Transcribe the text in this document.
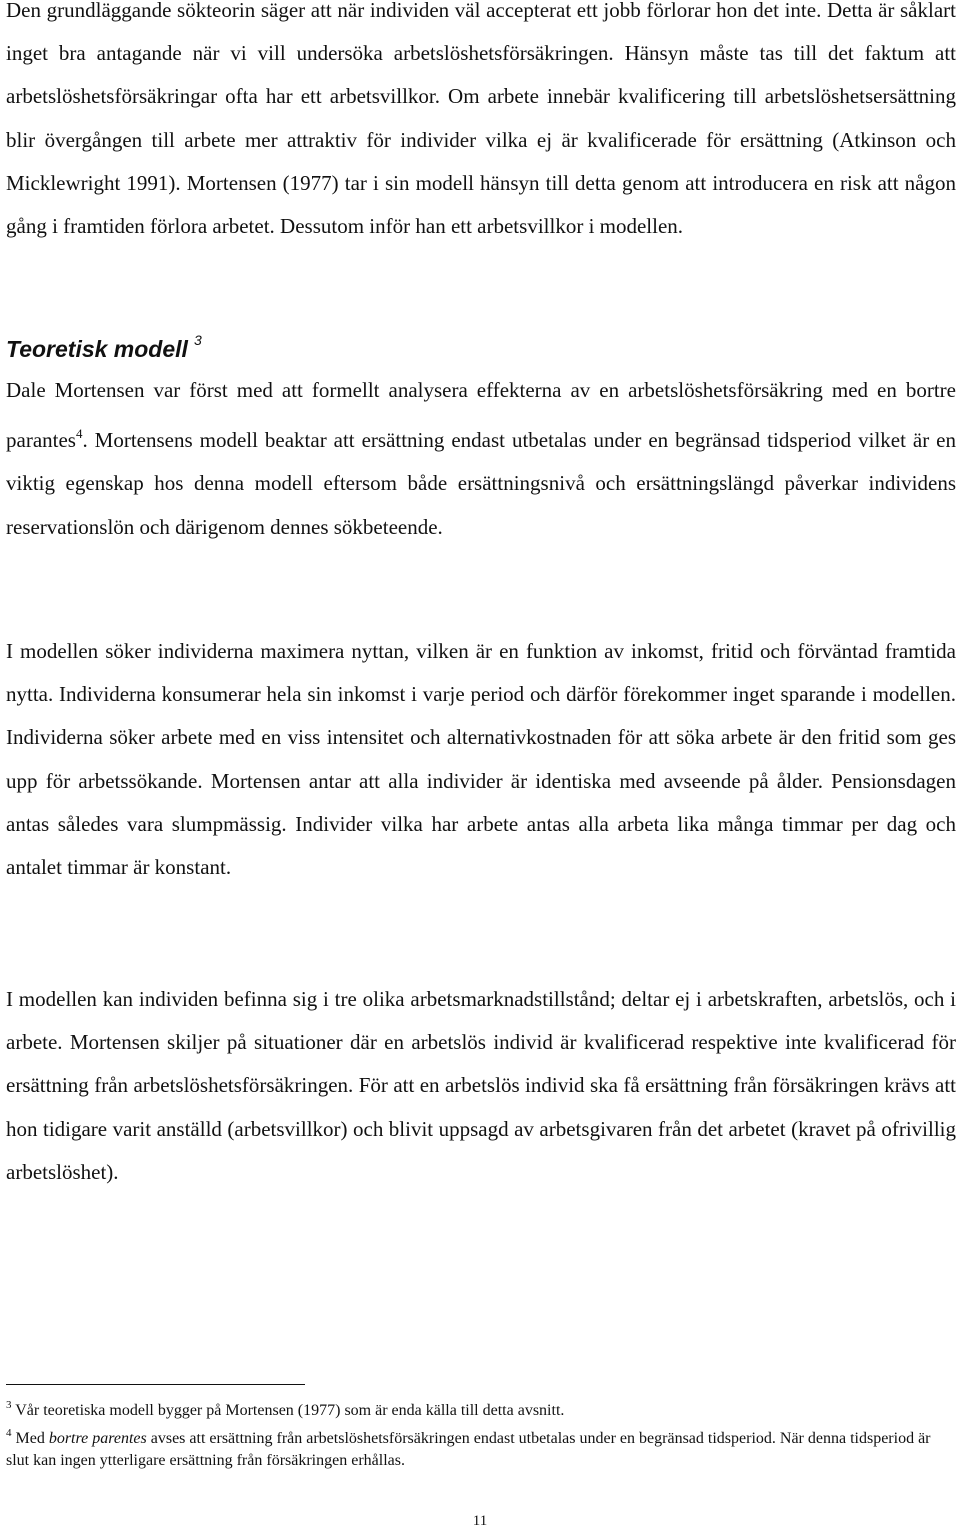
Den grundläggande sökteorin säger att när individen väl accepterat ett jobb förlorar hon det inte. Detta är såklart inget bra antagande när vi vill undersöka arbetslöshetsförsäkringen. Hänsyn måste tas till det faktum att arbetslöshetsförsäkringar ofta har ett arbetsvillkor. Om arbete innebär kvalificering till arbetslöshetsersättning blir övergången till arbete mer attraktiv för individer vilka ej är kvalificerade för ersättning (Atkinson och Micklewright 1991). Mortensen (1977) tar i sin modell hänsyn till detta genom att introducera en risk att någon gång i framtiden förlora arbetet. Dessutom inför han ett arbetsvillkor i modellen.

Teoretisk modell $^3$

Dale Mortensen var först med att formellt analysera effekterna av en arbetslöshetsförsäkring med en bortre parantes$^4$. Mortensens modell beaktar att ersättning endast utbetalas under en begränsad tidsperiod vilket är en viktig egenskap hos denna modell eftersom både ersättningsnivå och ersättningslängd påverkar individens reservationslön och därigenom dennes sökbeteende.

I modellen söker individerna maximera nyttan, vilken är en funktion av inkomst, fritid och förväntad framtida nytta. Individerna konsumerar hela sin inkomst i varje period och därför förekommer inget sparande i modellen. Individerna söker arbete med en viss intensitet och alternativkostnaden för att söka arbete är den fritid som ges upp för arbetssökande. Mortensen antar att alla individer är identiska med avseende på ålder. Pensionsdagen antas således vara slumpmässig. Individer vilka har arbete antas alla arbeta lika många timmar per dag och antalet timmar är konstant.

I modellen kan individen befinna sig i tre olika arbetsmarknadstillstånd; deltar ej i arbetskraften, arbetslös, och i arbete. Mortensen skiljer på situationer där en arbetslös individ är kvalificerad respektive inte kvalificerad för ersättning från arbetslöshetsförsäkringen. För att en arbetslös individ ska få ersättning från försäkringen krävs att hon tidigare varit anställd (arbetsvillkor) och blivit uppsagd av arbetsgivaren från det arbetet (kravet på ofrivillig arbetslöshet).

$^3$ Vår teoretiska modell bygger på Mortensen (1977) som är enda källa till detta avsnitt.

$^4$ Med bortre parentes avses att ersättning från arbetslöshetsförsäkringen endast utbetalas under en begränsad tidsperiod. När denna tidsperiod är slut kan ingen ytterligare ersättning från försäkringen erhållas.

11
